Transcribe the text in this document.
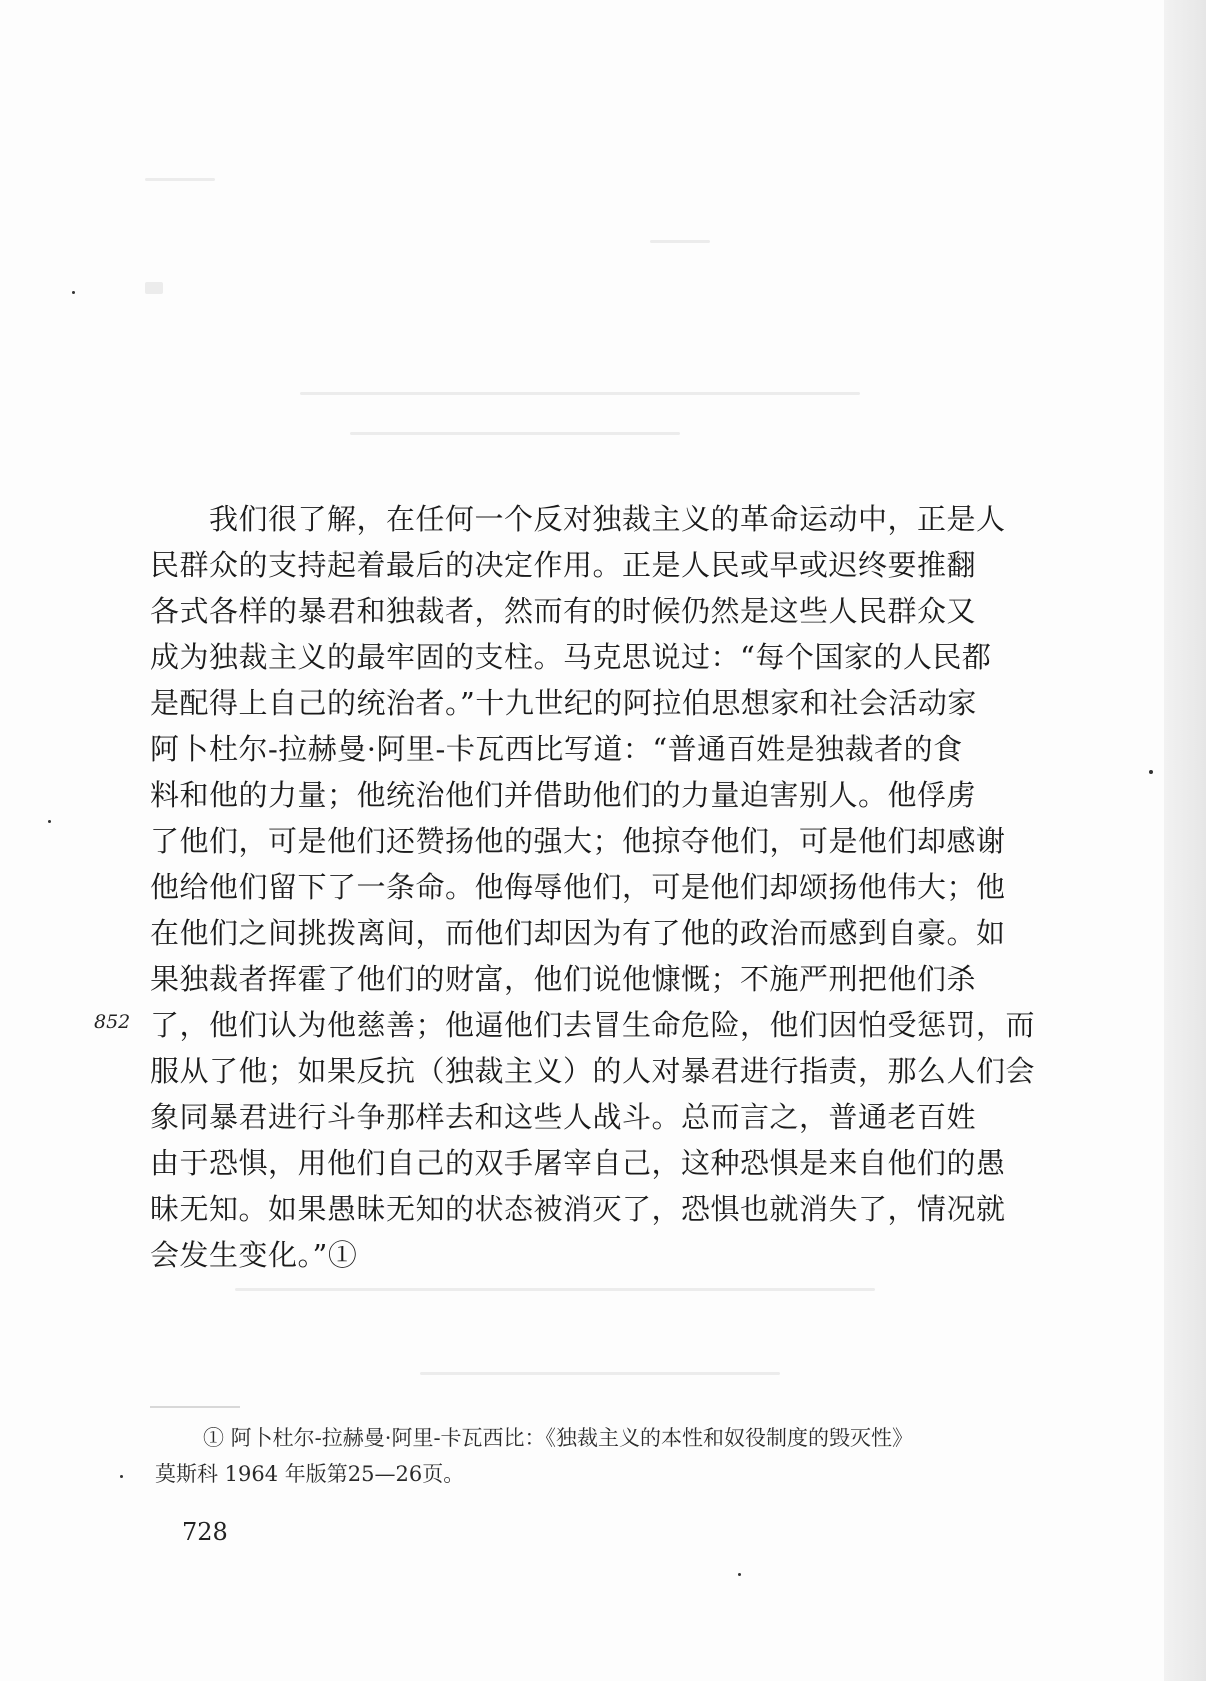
　　我们很了解，在任何一个反对独裁主义的革命运动中，正是人
民群众的支持起着最后的决定作用。正是人民或早或迟终要推翻
各式各样的暴君和独裁者，然而有的时候仍然是这些人民群众又
成为独裁主义的最牢固的支柱。马克思说过：“每个国家的人民都
是配得上自己的统治者。”十九世纪的阿拉伯思想家和社会活动家
阿卜杜尔-拉赫曼·阿里-卡瓦西比写道：“普通百姓是独裁者的食
料和他的力量；他统治他们并借助他们的力量迫害别人。他俘虏
了他们，可是他们还赞扬他的强大；他掠夺他们，可是他们却感谢
他给他们留下了一条命。他侮辱他们，可是他们却颂扬他伟大；他
在他们之间挑拨离间，而他们却因为有了他的政治而感到自豪。如
果独裁者挥霍了他们的财富，他们说他慷慨；不施严刑把他们杀
了，他们认为他慈善；他逼他们去冒生命危险，他们因怕受惩罚，而
服从了他；如果反抗（独裁主义）的人对暴君进行指责，那么人们会
象同暴君进行斗争那样去和这些人战斗。总而言之，普通老百姓
由于恐惧，用他们自己的双手屠宰自己，这种恐惧是来自他们的愚
昧无知。如果愚昧无知的状态被消灭了，恐惧也就消失了，情况就
会发生变化。”①

852
① 阿卜杜尔-拉赫曼·阿里-卡瓦西比：《独裁主义的本性和奴役制度的毁灭性》
莫斯科 1964 年版第25—26页。
728
